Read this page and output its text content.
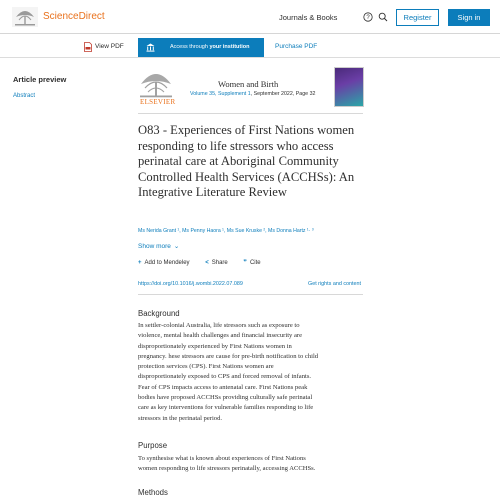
ScienceDirect	Journals & Books	?	Register	Sign in
View PDF	Access through your institution	Purchase PDF
Article preview
Abstract
ELSEVIER
Women and Birth
Volume 35, Supplement 1, September 2022, Page 32
O83 - Experiences of First Nations women responding to life stressors who access perinatal care at Aboriginal Community Controlled Health Services (ACCHSs): An Integrative Literature Review
Ms Nerida Grant ¹, Ms Penny Haora ¹, Ms Sue Kruske ², Ms Donna Hartz ¹· ³
Show more ⌄
+ Add to Mendeley	< Share	❞ Cite
https://doi.org/10.1016/j.wombi.2022.07.089	Get rights and content
Background
In settler-colonial Australia, life stressors such as exposure to
violence, mental health challenges and financial insecurity are
disproportionately experienced by First Nations women in
pregnancy. hese stressors are cause for pre-birth notification to child
protection services (CPS). First Nations women are
disproportionately exposed to CPS and forced removal of infants.
Fear of CPS impacts access to antenatal care. First Nations peak
bodies have proposed ACCHSs providing culturally safe perinatal
care as key interventions for vulnerable families responding to life
stressors in the perinatal period.
Purpose
To synthesise what is known about experiences of First Nations
women responding to life stressors perinatally, accessing ACCHSs.
Methods
